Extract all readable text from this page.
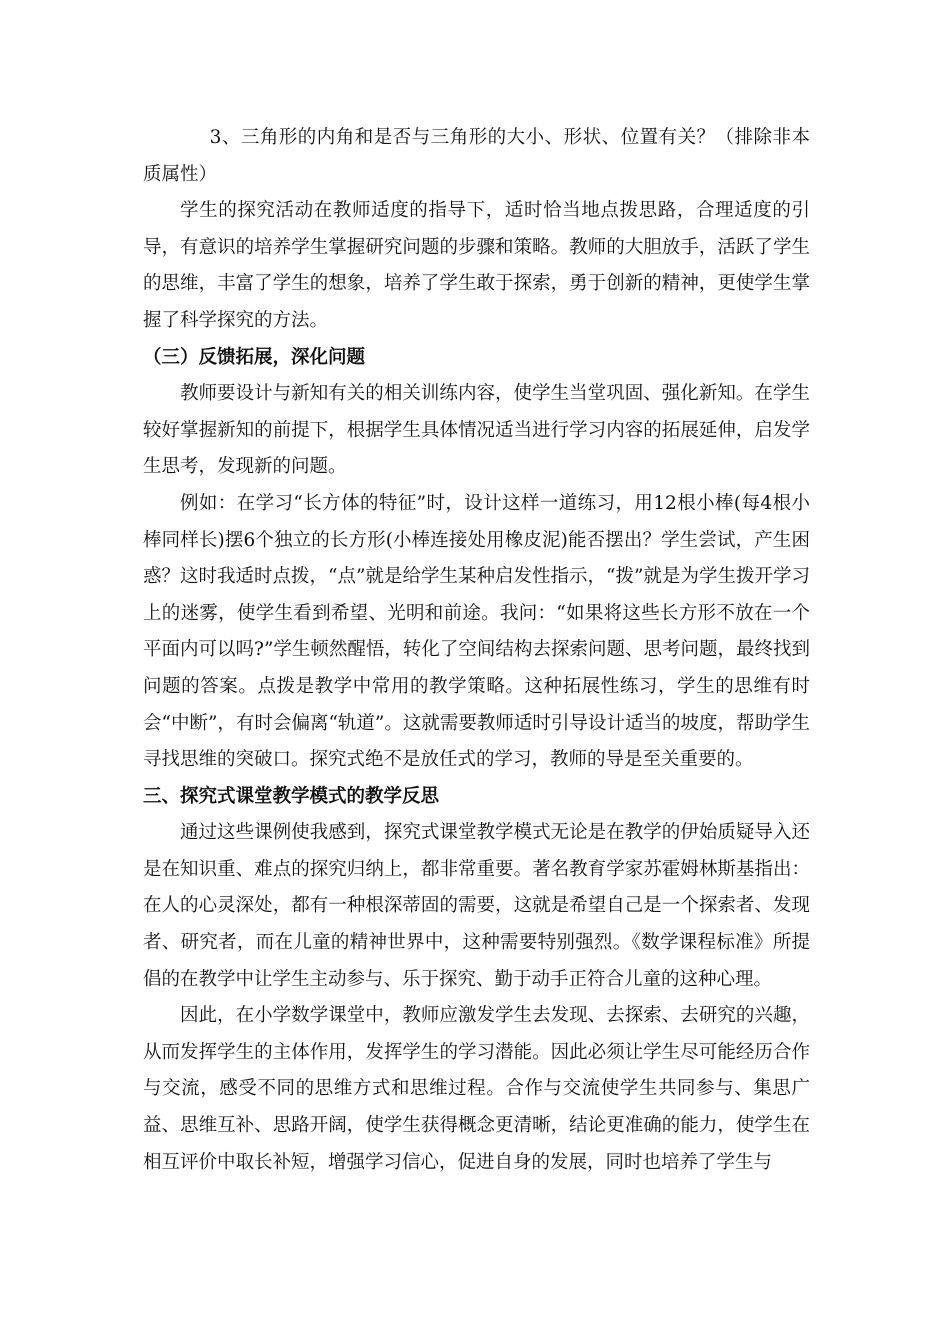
3、三角形的内角和是否与三角形的大小、形状、位置有关？（排除非本质属性）

学生的探究活动在教师适度的指导下，适时恰当地点拨思路，合理适度的引导，有意识的培养学生掌握研究问题的步骤和策略。教师的大胆放手，活跃了学生的思维，丰富了学生的想象，培养了学生敢于探索，勇于创新的精神，更使学生掌握了科学探究的方法。

（三）反馈拓展，深化问题

教师要设计与新知有关的相关训练内容，使学生当堂巩固、强化新知。在学生较好掌握新知的前提下，根据学生具体情况适当进行学习内容的拓展延伸，启发学生思考，发现新的问题。

例如：在学习“长方体的特征”时，设计这样一道练习，用12根小棒(每4根小棒同样长)摆6个独立的长方形(小棒连接处用橡皮泥)能否摆出？学生尝试，产生困惑？这时我适时点拨，“点”就是给学生某种启发性指示，“拨”就是为学生拨开学习上的迷雾，使学生看到希望、光明和前途。我问：“如果将这些长方形不放在一个平面内可以吗?”学生顿然醒悟，转化了空间结构去探索问题、思考问题，最终找到问题的答案。点拨是教学中常用的教学策略。这种拓展性练习，学生的思维有时会“中断”，有时会偏离“轨道”。这就需要教师适时引导设计适当的坡度，帮助学生寻找思维的突破口。探究式绝不是放任式的学习，教师的导是至关重要的。

三、探究式课堂教学模式的教学反思

通过这些课例使我感到，探究式课堂教学模式无论是在教学的伊始质疑导入还是在知识重、难点的探究归纳上，都非常重要。著名教育学家苏霍姆林斯基指出：在人的心灵深处，都有一种根深蒂固的需要，这就是希望自己是一个探索者、发现者、研究者，而在儿童的精神世界中，这种需要特别强烈。《数学课程标准》所提倡的在教学中让学生主动参与、乐于探究、勤于动手正符合儿童的这种心理。

因此，在小学数学课堂中，教师应激发学生去发现、去探索、去研究的兴趣，从而发挥学生的主体作用，发挥学生的学习潜能。因此必须让学生尽可能经历合作与交流，感受不同的思维方式和思维过程。合作与交流使学生共同参与、集思广益、思维互补、思路开阔，使学生获得概念更清晰，结论更准确的能力，使学生在相互评价中取长补短，增强学习信心，促进自身的发展，同时也培养了学生与
